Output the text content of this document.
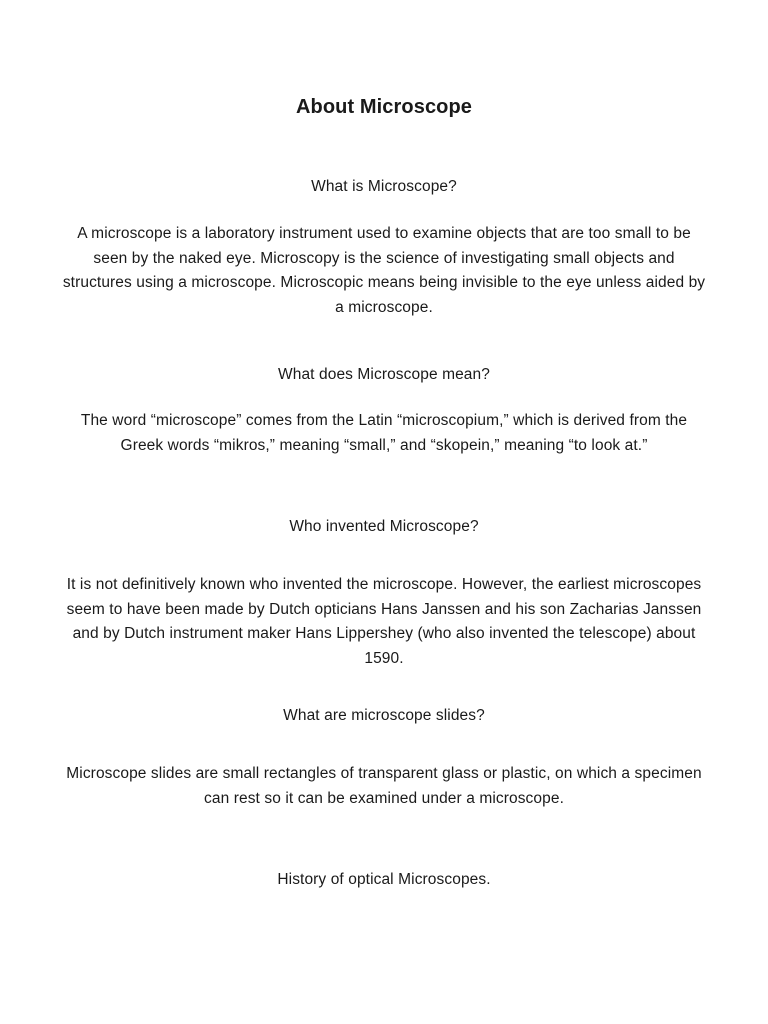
About Microscope
What is Microscope?

A microscope is a laboratory instrument used to examine objects that are too small to be seen by the naked eye. Microscopy is the science of investigating small objects and structures using a microscope. Microscopic means being invisible to the eye unless aided by a microscope.

What does Microscope mean?

The word “microscope” comes from the Latin “microscopium,” which is derived from the Greek words “mikros,” meaning “small,” and “skopein,” meaning “to look at.”

Who invented Microscope?

It is not definitively known who invented the microscope. However, the earliest microscopes seem to have been made by Dutch opticians Hans Janssen and his son Zacharias Janssen and by Dutch instrument maker Hans Lippershey (who also invented the telescope) about 1590.

What are microscope slides?

Microscope slides are small rectangles of transparent glass or plastic, on which a specimen can rest so it can be examined under a microscope.

History of optical Microscopes.
